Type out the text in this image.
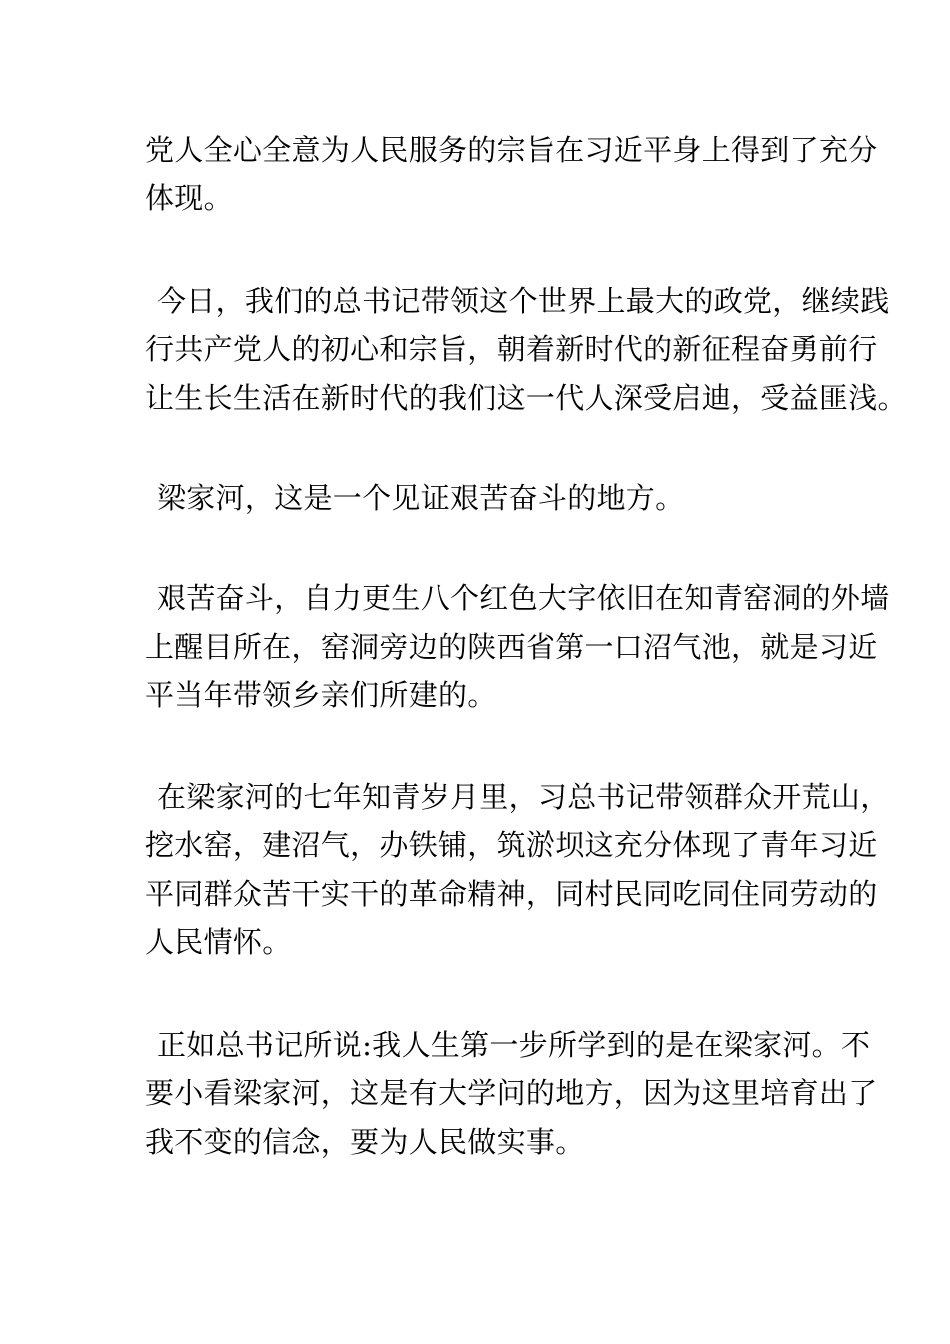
党人全心全意为人民服务的宗旨在习近平身上得到了充分
体现。
今日，我们的总书记带领这个世界上最大的政党，继续践
行共产党人的初心和宗旨，朝着新时代的新征程奋勇前行
让生长生活在新时代的我们这一代人深受启迪，受益匪浅。
梁家河，这是一个见证艰苦奋斗的地方。
艰苦奋斗，自力更生八个红色大字依旧在知青窑洞的外墙
上醒目所在，窑洞旁边的陕西省第一口沼气池，就是习近
平当年带领乡亲们所建的。
在梁家河的七年知青岁月里，习总书记带领群众开荒山，
挖水窑，建沼气，办铁铺，筑淤坝这充分体现了青年习近
平同群众苦干实干的革命精神，同村民同吃同住同劳动的
人民情怀。
正如总书记所说:我人生第一步所学到的是在梁家河。不
要小看梁家河，这是有大学问的地方，因为这里培育出了
我不变的信念，要为人民做实事。
